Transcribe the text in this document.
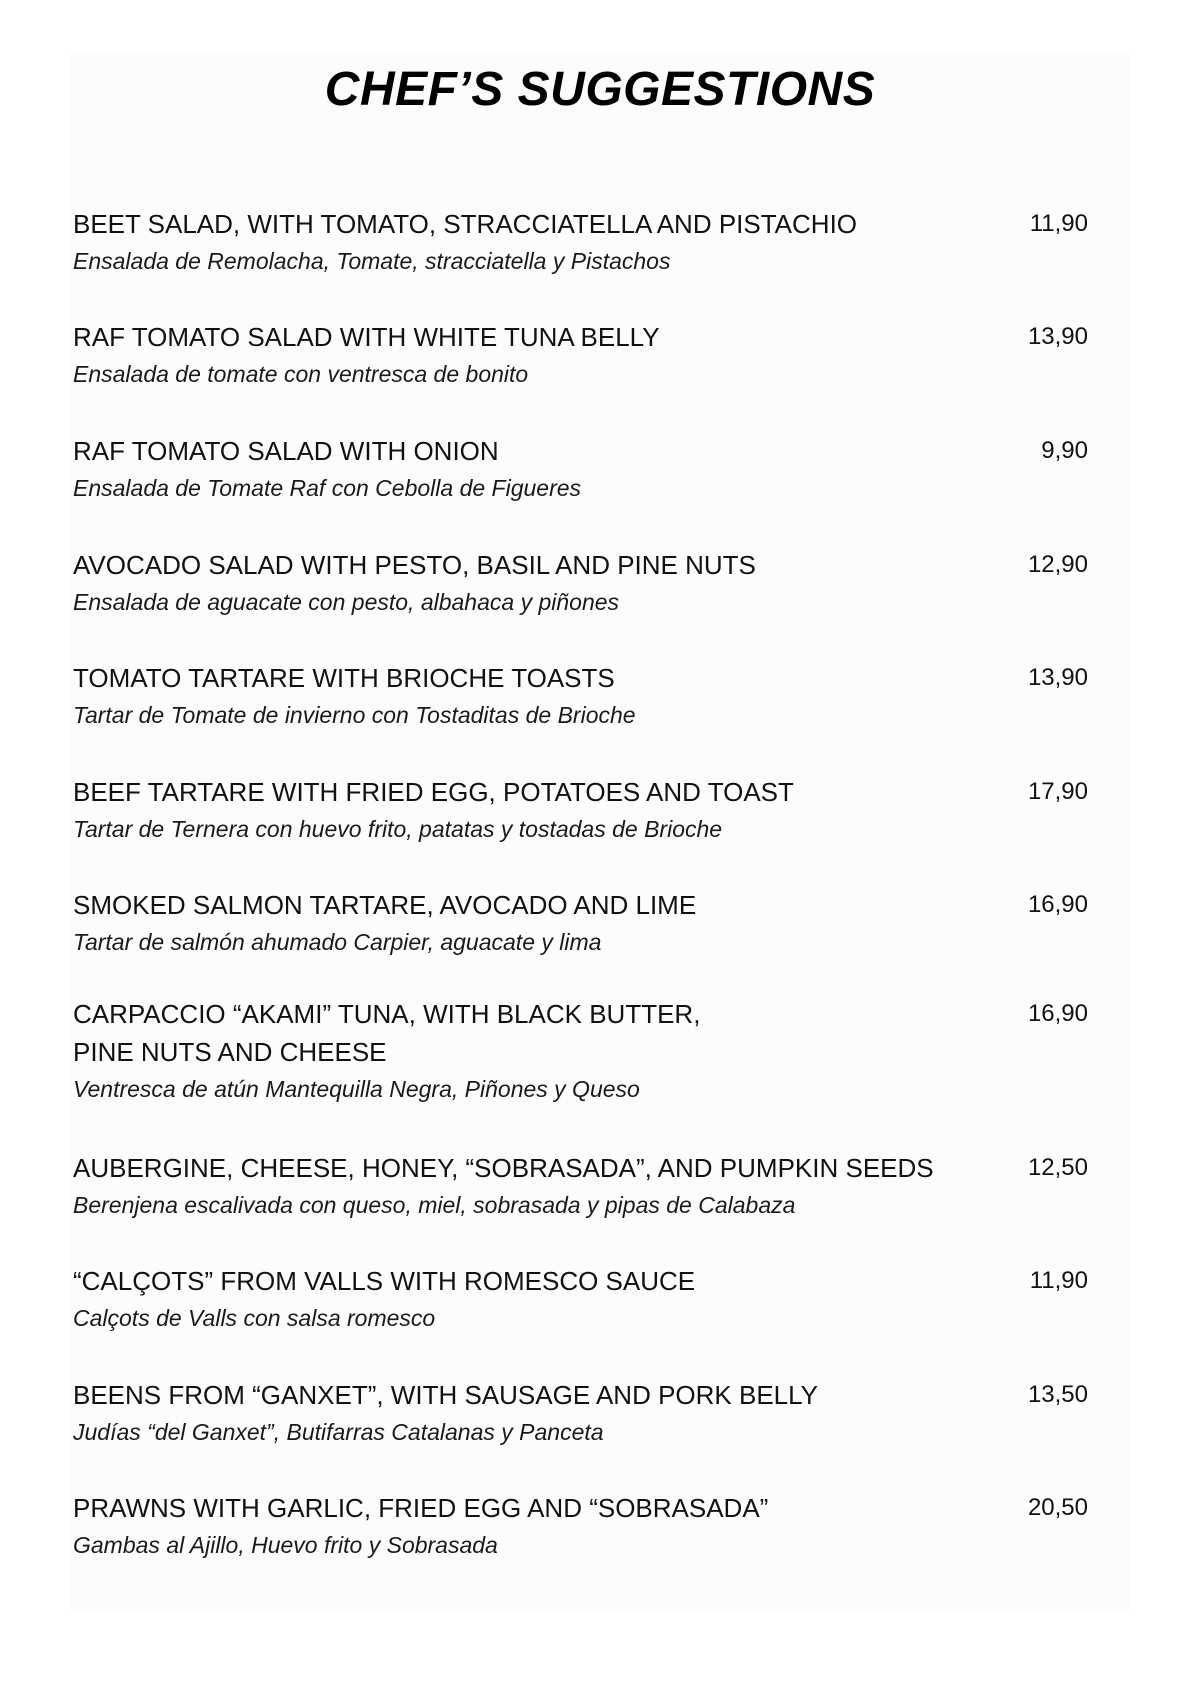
CHEF’S SUGGESTIONS
BEET SALAD, WITH TOMATO, STRACCIATELLA AND PISTACHIO
Ensalada de Remolacha, Tomate, stracciatella y Pistachos
11,90
RAF TOMATO SALAD WITH WHITE TUNA BELLY
Ensalada de tomate con ventresca de bonito
13,90
RAF TOMATO SALAD WITH ONION
Ensalada de Tomate Raf con Cebolla de Figueres
9,90
AVOCADO SALAD WITH PESTO, BASIL AND PINE NUTS
Ensalada de aguacate con pesto, albahaca y piñones
12,90
TOMATO TARTARE WITH BRIOCHE TOASTS
Tartar de Tomate de invierno con Tostaditas de Brioche
13,90
BEEF TARTARE WITH FRIED EGG, POTATOES AND TOAST
Tartar de Ternera con huevo frito, patatas y tostadas de Brioche
17,90
SMOKED SALMON TARTARE, AVOCADO AND LIME
Tartar de salmón ahumado Carpier, aguacate y lima
16,90
CARPACCIO “AKAMI” TUNA, WITH BLACK BUTTER,
PINE NUTS AND CHEESE
Ventresca de atún Mantequilla Negra, Piñones y Queso
16,90
AUBERGINE, CHEESE, HONEY, “SOBRASADA”, AND PUMPKIN SEEDS
Berenjena escalivada con queso, miel, sobrasada y pipas de Calabaza
12,50
“CALÇOTS” FROM VALLS WITH ROMESCO SAUCE
Calçots de Valls con salsa romesco
11,90
BEENS FROM “GANXET”, WITH SAUSAGE AND PORK BELLY
Judías “del Ganxet”, Butifarras Catalanas y Panceta
13,50
PRAWNS WITH GARLIC, FRIED EGG AND “SOBRASADA”
Gambas al Ajillo, Huevo frito y Sobrasada
20,50
